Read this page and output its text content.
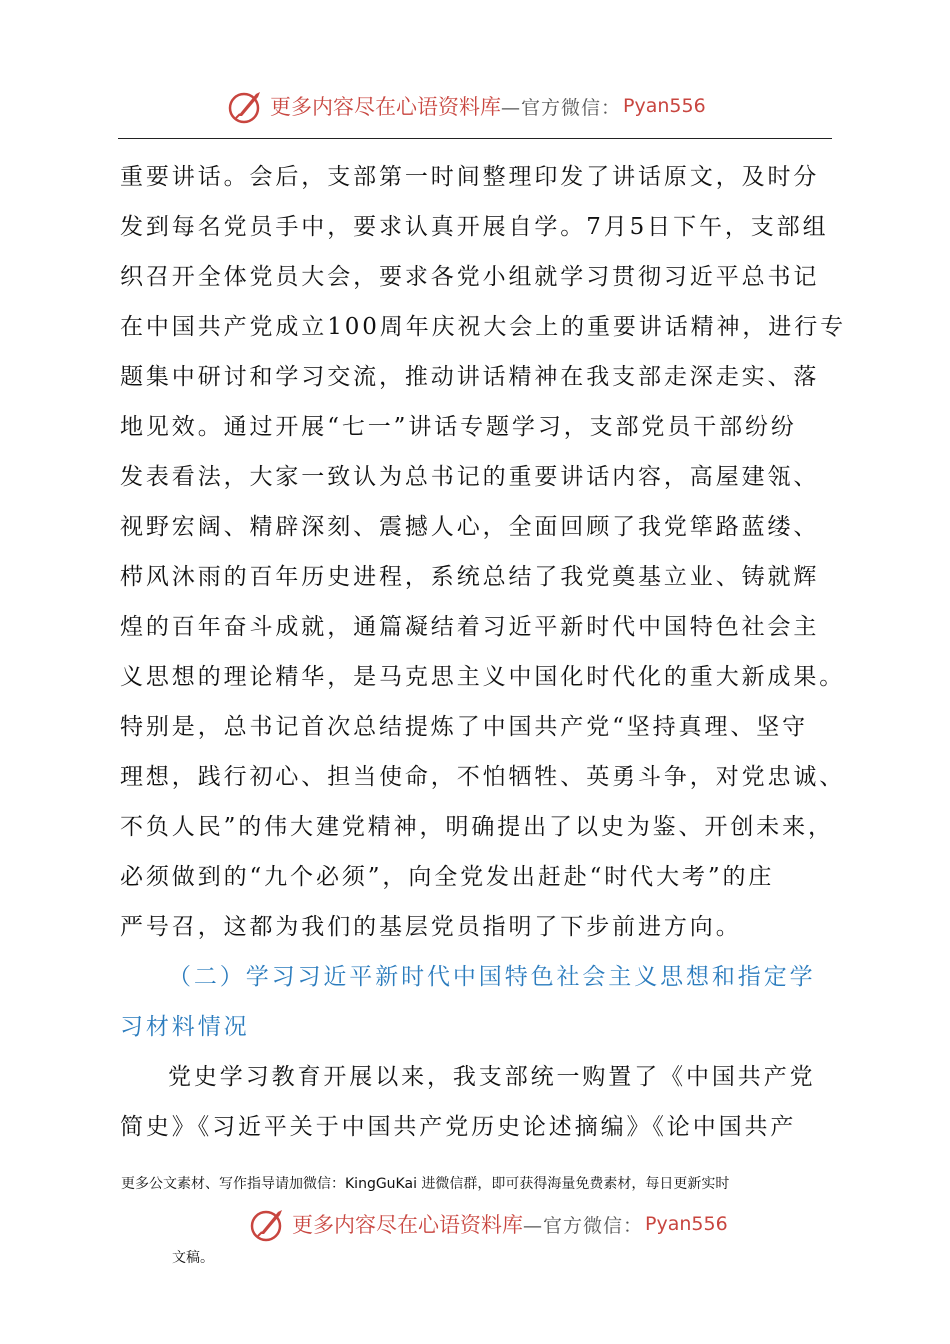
更多内容尽在心语资料库 —官方微信： Pyan556
重要讲话。会后，支部第一时间整理印发了讲话原文，及时分
发到每名党员手中，要求认真开展自学。7月5日下午，支部组
织召开全体党员大会，要求各党小组就学习贯彻习近平总书记
在中国共产党成立100周年庆祝大会上的重要讲话精神，进行专
题集中研讨和学习交流，推动讲话精神在我支部走深走实、落
地见效。通过开展“七一”讲话专题学习，支部党员干部纷纷
发表看法，大家一致认为总书记的重要讲话内容，高屋建瓴、
视野宏阔、精辟深刻、震撼人心，全面回顾了我党筚路蓝缕、
栉风沐雨的百年历史进程，系统总结了我党奠基立业、铸就辉
煌的百年奋斗成就，通篇凝结着习近平新时代中国特色社会主
义思想的理论精华，是马克思主义中国化时代化的重大新成果。
特别是，总书记首次总结提炼了中国共产党“坚持真理、坚守
理想，践行初心、担当使命，不怕牺牲、英勇斗争，对党忠诚、
不负人民”的伟大建党精神，明确提出了以史为鉴、开创未来，
必须做到的“九个必须”，向全党发出赶赴“时代大考”的庄
严号召，这都为我们的基层党员指明了下步前进方向。
（二）学习习近平新时代中国特色社会主义思想和指定学
习材料情况
党史学习教育开展以来，我支部统一购置了《中国共产党
简史》《习近平关于中国共产党历史论述摘编》《论中国共产
更多公文素材、写作指导请加微信：KingGuKai 进微信群，即可获得海量免费素材，每日更新实时
更多内容尽在心语资料库 —官方微信： Pyan556
文稿。
